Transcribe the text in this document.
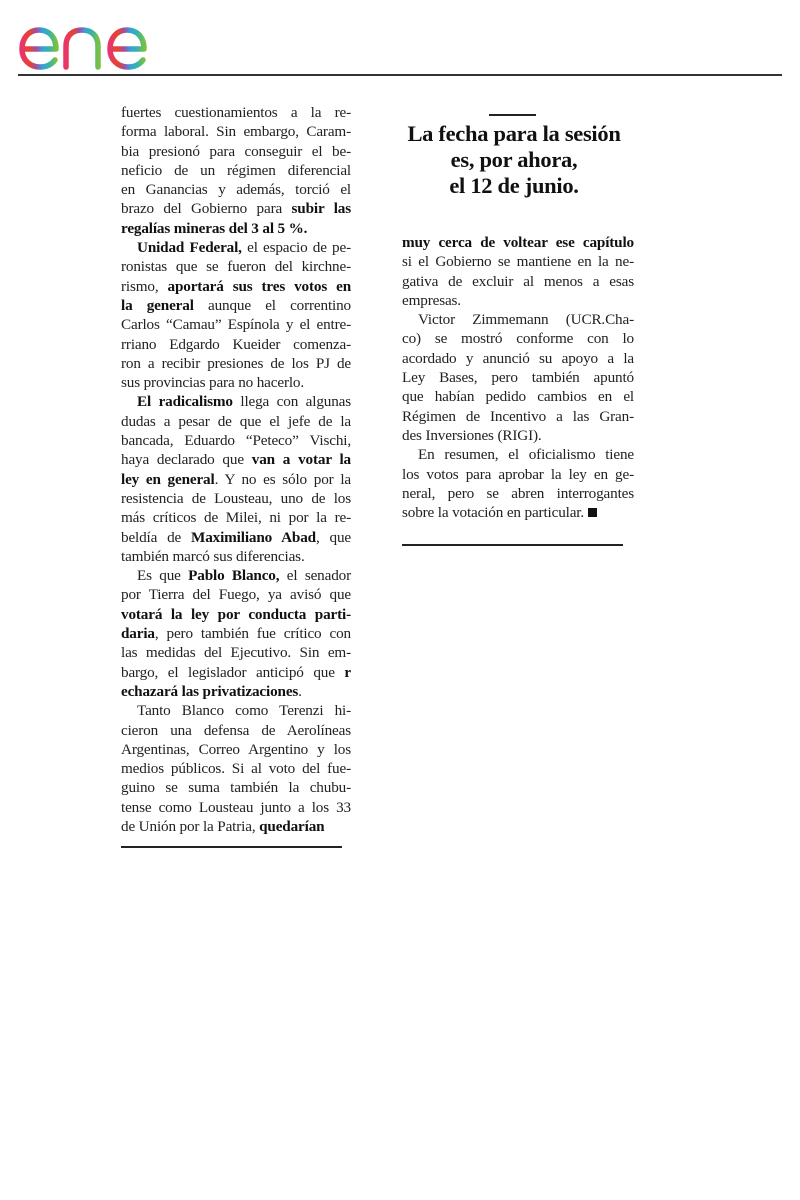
fuertes cuestionamientos a la re-
forma laboral. Sin embargo, Caram-
bia presionó para conseguir el be-
neficio de un régimen diferencial
en Ganancias y además, torció el
brazo del Gobierno para subir las
regalías mineras del 3 al 5 %.

Unidad Federal, el espacio de pe-
ronistas que se fueron del kirchne-
rismo, aportará sus tres votos en
la general aunque el correntino
Carlos “Camau” Espínola y el entre-
rriano Edgardo Kueider comenza-
ron a recibir presiones de los PJ de
sus provincias para no hacerlo.

El radicalismo llega con algunas
dudas a pesar de que el jefe de la
bancada, Eduardo “Peteco” Vischi,
haya declarado que van a votar la
ley en general. Y no es sólo por la
resistencia de Lousteau, uno de los
más críticos de Milei, ni por la re-
beldía de Maximiliano Abad, que
también marcó sus diferencias.

Es que Pablo Blanco, el senador
por Tierra del Fuego, ya avisó que
votará la ley por conducta parti-
daria, pero también fue crítico con
las medidas del Ejecutivo. Sin em-
bargo, el legislador anticipó que r
echazará las privatizaciones.

Tanto Blanco como Terenzi hi-
cieron una defensa de Aerolíneas
Argentinas, Correo Argentino y los
medios públicos. Si al voto del fue-
guino se suma también la chubu-
tense como Lousteau junto a los 33
de Unión por la Patria, quedarían

La fecha para la sesión
es, por ahora,
el 12 de junio.

muy cerca de voltear ese capítulo
si el Gobierno se mantiene en la ne-
gativa de excluir al menos a esas
empresas.

Victor Zimmemann (UCR.Cha-
co) se mostró conforme con lo
acordado y anunció su apoyo a la
Ley Bases, pero también apuntó
que habían pedido cambios en el
Régimen de Incentivo a las Gran-
des Inversiones (RIGI).

En resumen, el oficialismo tiene
los votos para aprobar la ley en ge-
neral, pero se abren interrogantes
sobre la votación en particular.
